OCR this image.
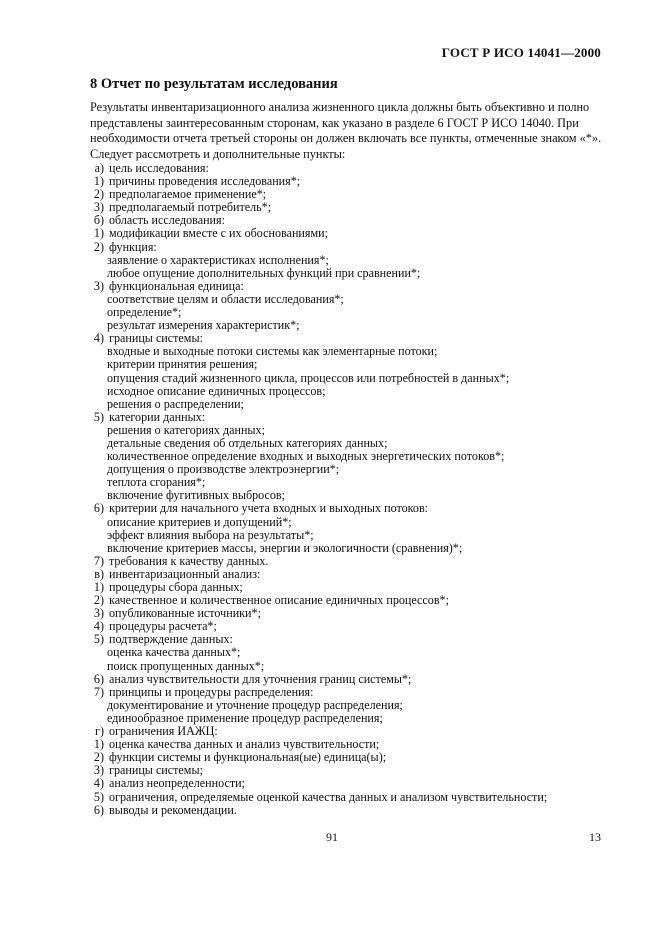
ГОСТ Р ИСО 14041—2000
8 Отчет по результатам исследования

Результаты инвентаризационного анализа жизненного цикла должны быть объективно и полно

представлены заинтересованным сторонам, как указано в разделе 6 ГОСТ Р ИСО 14040. При

необходимости отчета третьей стороны он должен включать все пункты, отмеченные знаком «*».

Следует рассмотреть и дополнительные пункты:

а) цель исследования:
1) причины проведения исследования*;
2) предполагаемое применение*;
3) предполагаемый потребитель*;
б) область исследования:
1) модификации вместе с их обоснованиями;
2) функция:
заявление о характеристиках исполнения*;
любое опущение дополнительных функций при сравнении*;
3) функциональная единица:
соответствие целям и области исследования*;
определение*;
результат измерения характеристик*;
4) границы системы:
входные и выходные потоки системы как элементарные потоки;
критерии принятия решения;
опущения стадий жизненного цикла, процессов или потребностей в данных*;
исходное описание единичных процессов;
решения о распределении;
5) категории данных:
решения о категориях данных;
детальные сведения об отдельных категориях данных;
количественное определение входных и выходных энергетических потоков*;
допущения о производстве электроэнергии*;
теплота сгорания*;
включение фугитивных выбросов;
6) критерии для начального учета входных и выходных потоков:
описание критериев и допущений*;
эффект влияния выбора на результаты*;
включение критериев массы, энергии и экологичности (сравнения)*;
7) требования к качеству данных.
в) инвентаризационный анализ:
1) процедуры сбора данных;
2) качественное и количественное описание единичных процессов*;
3) опубликованные источники*;
4) процедуры расчета*;
5) подтверждение данных:
оценка качества данных*;
поиск пропущенных данных*;
6) анализ чувствительности для уточнения границ системы*;
7) принципы и процедуры распределения:
документирование и уточнение процедур распределения;
единообразное применение процедур распределения;
г) ограничения ИАЖЦ:
1) оценка качества данных и анализ чувствительности;
2) функции системы и функциональная(ые) единица(ы);
3) границы системы;
4) анализ неопределенности;
5) ограничения, определяемые оценкой качества данных и анализом чувствительности;
6) выводы и рекомендации.
91	13
